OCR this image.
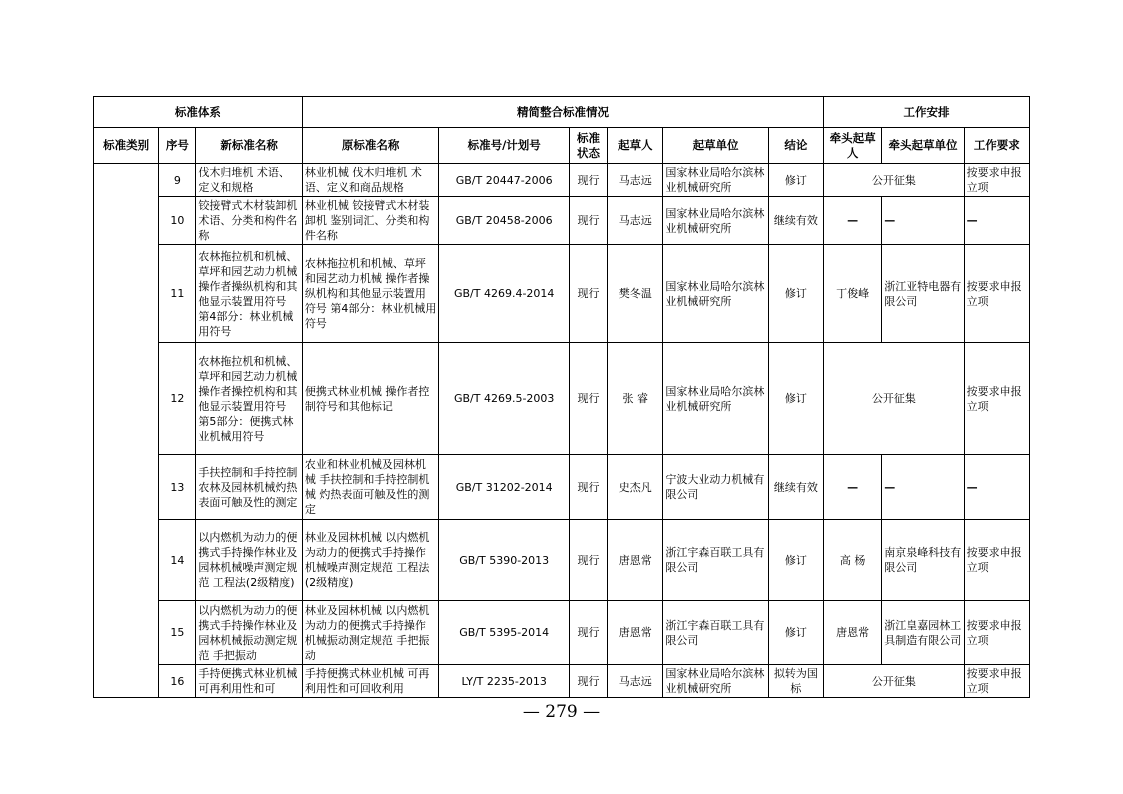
标准体系			精简整合标准情况						工作安排		
标准类别	序号	新标准名称	原标准名称	标准号/计划号	标准状态	起草人	起草单位	结论	牵头起草人	牵头起草单位	工作要求
	9	伐木归堆机 术语、定义和规格	林业机械 伐木归堆机 术语、定义和商品规格	GB/T 20447-2006	现行	马志远	国家林业局哈尔滨林业机械研究所	修订	公开征集		按要求申报立项
	10	铰接臂式木材装卸机 术语、分类和构件名称	林业机械 铰接臂式木材装卸机 鉴别词汇、分类和构件名称	GB/T 20458-2006	现行	马志远	国家林业局哈尔滨林业机械研究所	继续有效	—	—	—
	11	农林拖拉机和机械、草坪和园艺动力机械 操作者操纵机构和其他显示装置用符号 第4部分：林业机械用符号	农林拖拉机和机械、草坪和园艺动力机械 操作者操纵机构和其他显示装置用符号 第4部分：林业机械用符号	GB/T 4269.4-2014	现行	樊冬温	国家林业局哈尔滨林业机械研究所	修订	丁俊峰	浙江亚特电器有限公司	按要求申报立项
	12	农林拖拉机和机械、草坪和园艺动力机械操作者操控机构和其他显示装置用符号 第5部分：便携式林业机械用符号	便携式林业机械 操作者控制符号和其他标记	GB/T 4269.5-2003	现行	张 睿	国家林业局哈尔滨林业机械研究所	修订	公开征集		按要求申报立项
	13	手扶控制和手持控制农林及园林机械灼热表面可触及性的测定	农业和林业机械及园林机械 手扶控制和手持控制机械 灼热表面可触及性的测定	GB/T 31202-2014	现行	史杰凡	宁波大业动力机械有限公司	继续有效	—	—	—
	14	以内燃机为动力的便携式手持操作林业及园林机械噪声测定规范 工程法(2级精度)	林业及园林机械 以内燃机为动力的便携式手持操作机械噪声测定规范 工程法(2级精度)	GB/T 5390-2013	现行	唐恩常	浙江宇森百联工具有限公司	修订	高 杨	南京泉峰科技有限公司	按要求申报立项
	15	以内燃机为动力的便携式手持操作林业及园林机械振动测定规范 手把振动	林业及园林机械 以内燃机为动力的便携式手持操作机械振动测定规范 手把振动	GB/T 5395-2014	现行	唐恩常	浙江宇森百联工具有限公司	修订	唐恩常	浙江皇嘉园林工具制造有限公司	按要求申报立项
	16	手持便携式林业机械 可再利用性和可	手持便携式林业机械 可再利用性和可回收利用	LY/T 2235-2013	现行	马志远	国家林业局哈尔滨林业机械研究所	拟转为国标	公开征集		按要求申报立项
— 279 —
